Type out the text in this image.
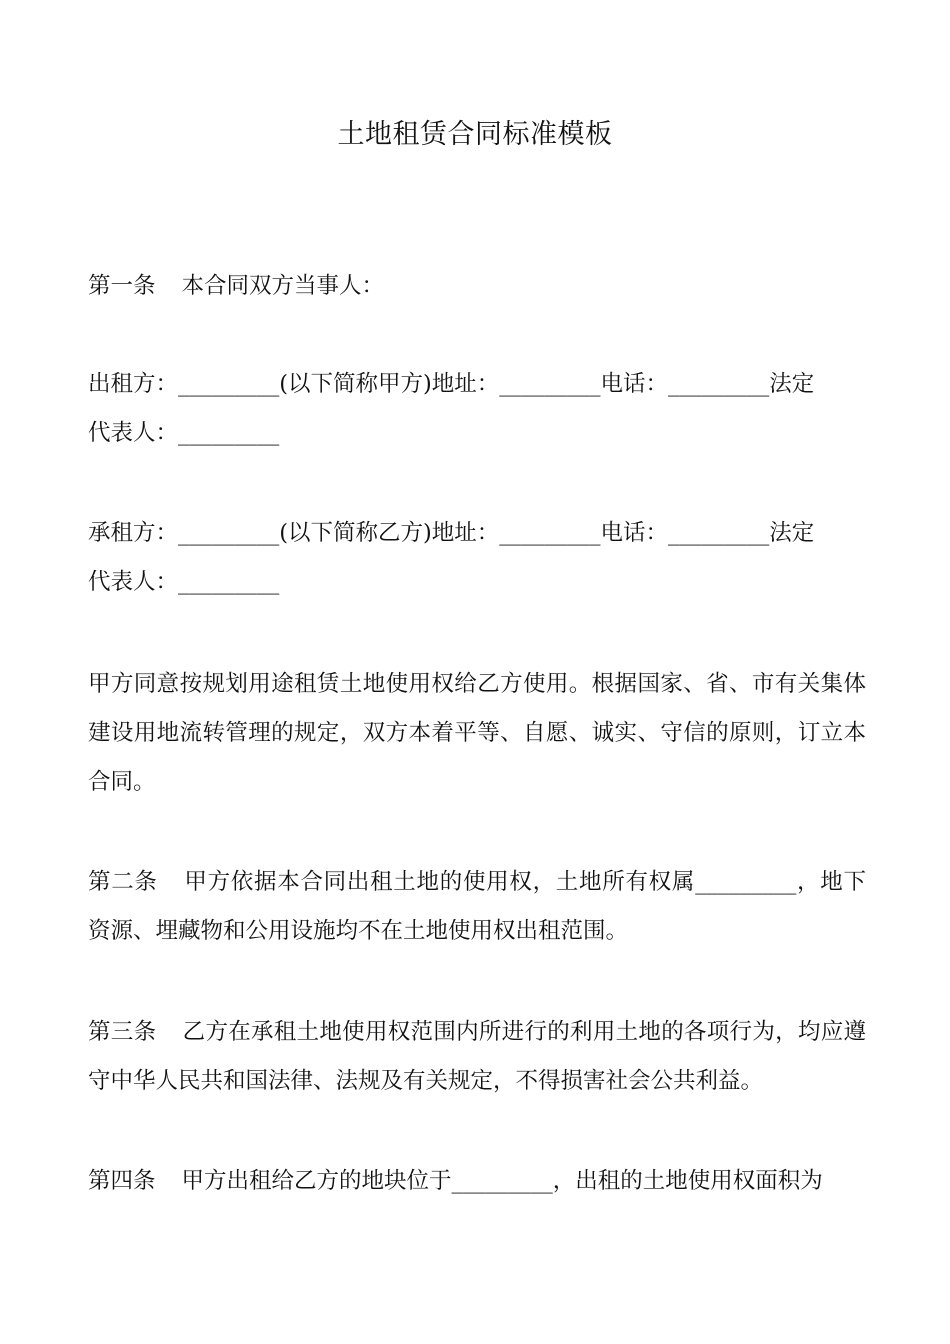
土地租赁合同标准模板

第一条 本合同双方当事人：

出租方：_________(以下简称甲方)地址：_________电话：_________法定
代表人：_________

承租方：_________(以下简称乙方)地址：_________电话：_________法定
代表人：_________

甲方同意按规划用途租赁土地使用权给乙方使用。根据国家、省、市有关集体建设用地流转管理的规定，双方本着平等、自愿、诚实、守信的原则，订立本合同。

第二条 甲方依据本合同出租土地的使用权，土地所有权属_________，地下资源、埋藏物和公用设施均不在土地使用权出租范围。

第三条 乙方在承租土地使用权范围内所进行的利用土地的各项行为，均应遵守中华人民共和国法律、法规及有关规定，不得损害社会公共利益。

第四条 甲方出租给乙方的地块位于_________，出租的土地使用权面积为
